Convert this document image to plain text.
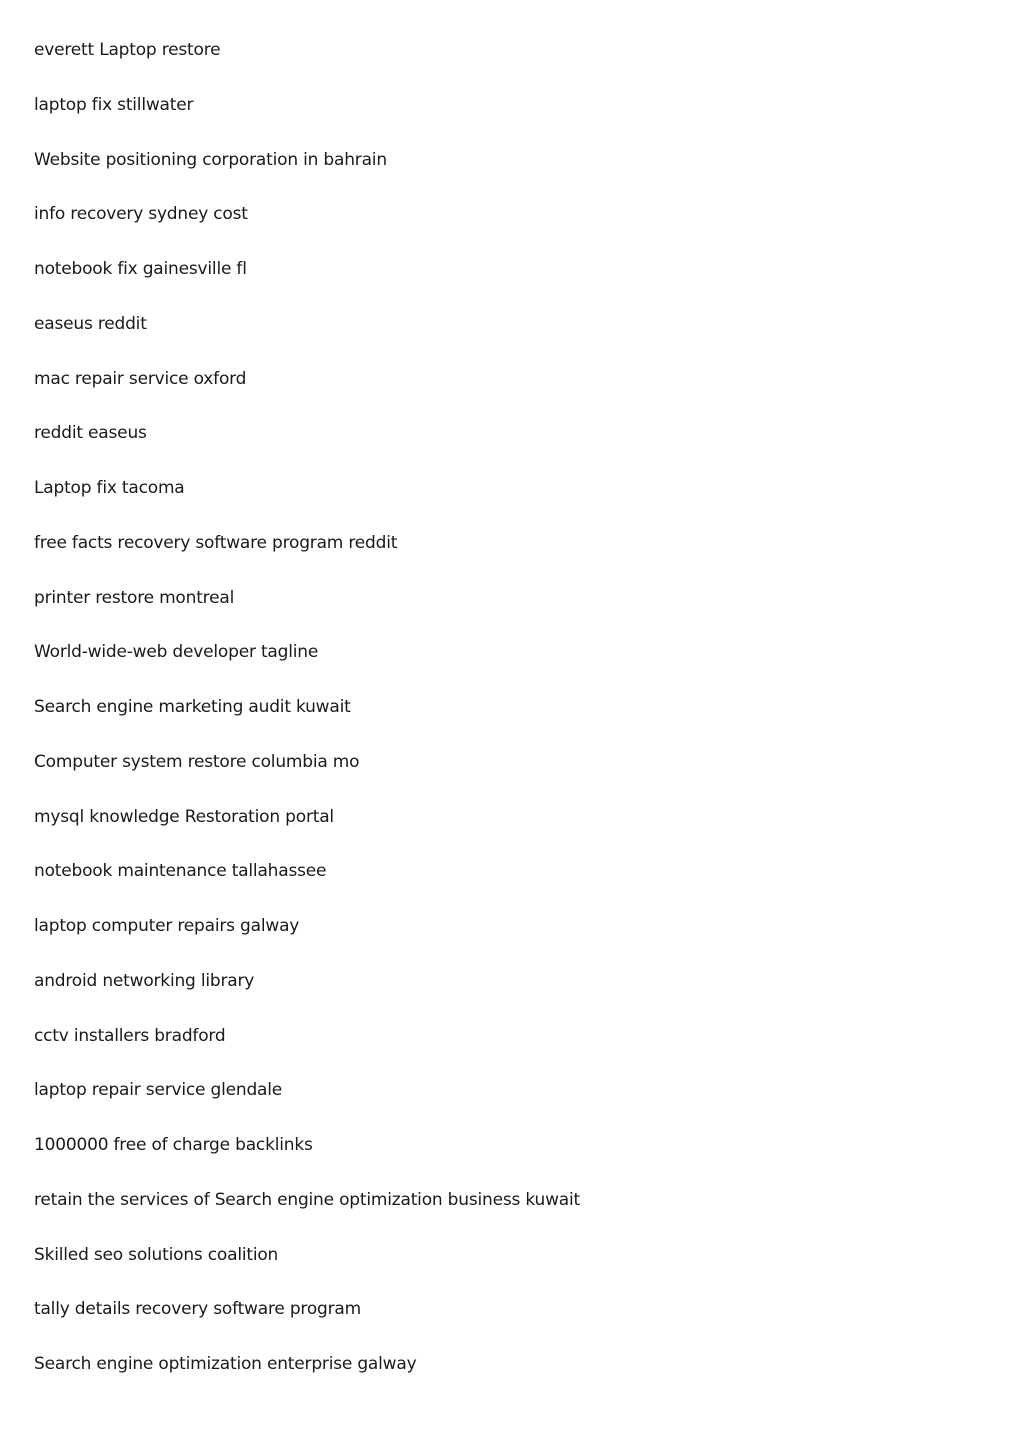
everett Laptop restore
laptop fix stillwater
Website positioning corporation in bahrain
info recovery sydney cost
notebook fix gainesville fl
easeus reddit
mac repair service oxford
reddit easeus
Laptop fix tacoma
free facts recovery software program reddit
printer restore montreal
World-wide-web developer tagline
Search engine marketing audit kuwait
Computer system restore columbia mo
mysql knowledge Restoration portal
notebook maintenance tallahassee
laptop computer repairs galway
android networking library
cctv installers bradford
laptop repair service glendale
1000000 free of charge backlinks
retain the services of Search engine optimization business kuwait
Skilled seo solutions coalition
tally details recovery software program
Search engine optimization enterprise galway
